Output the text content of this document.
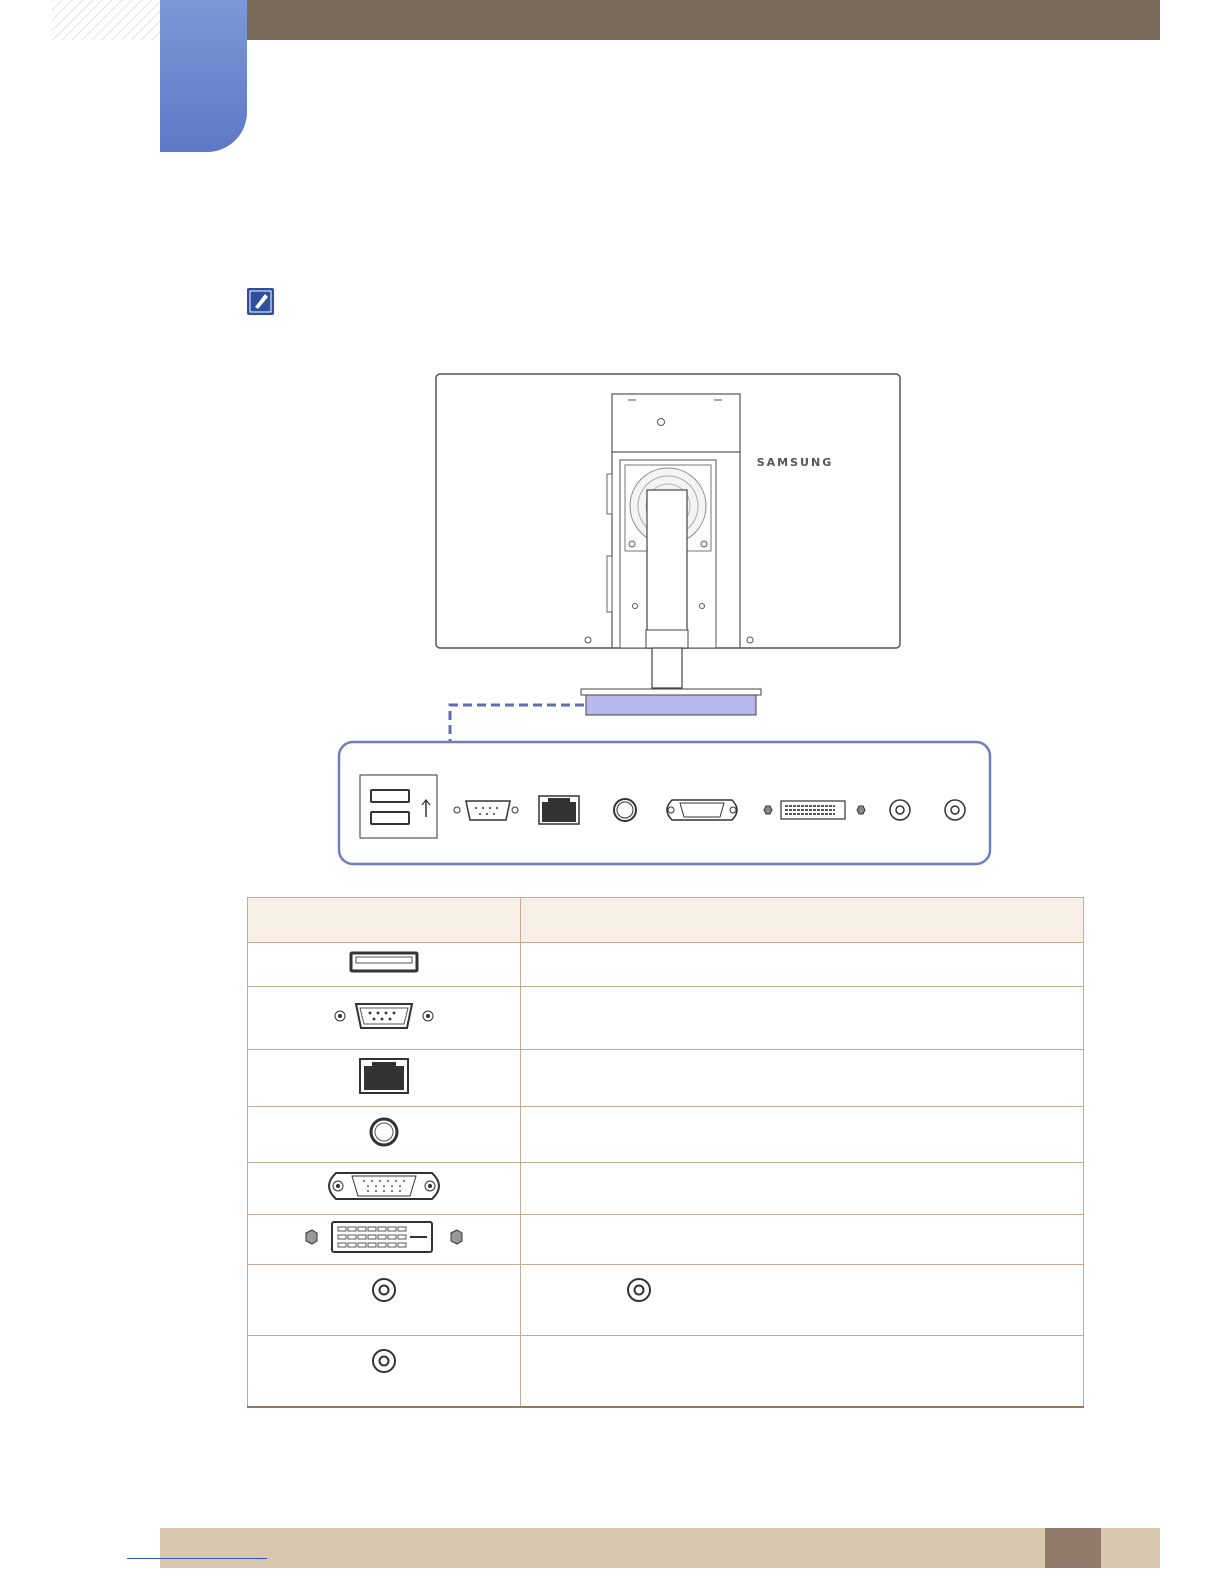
SAMSUNG
